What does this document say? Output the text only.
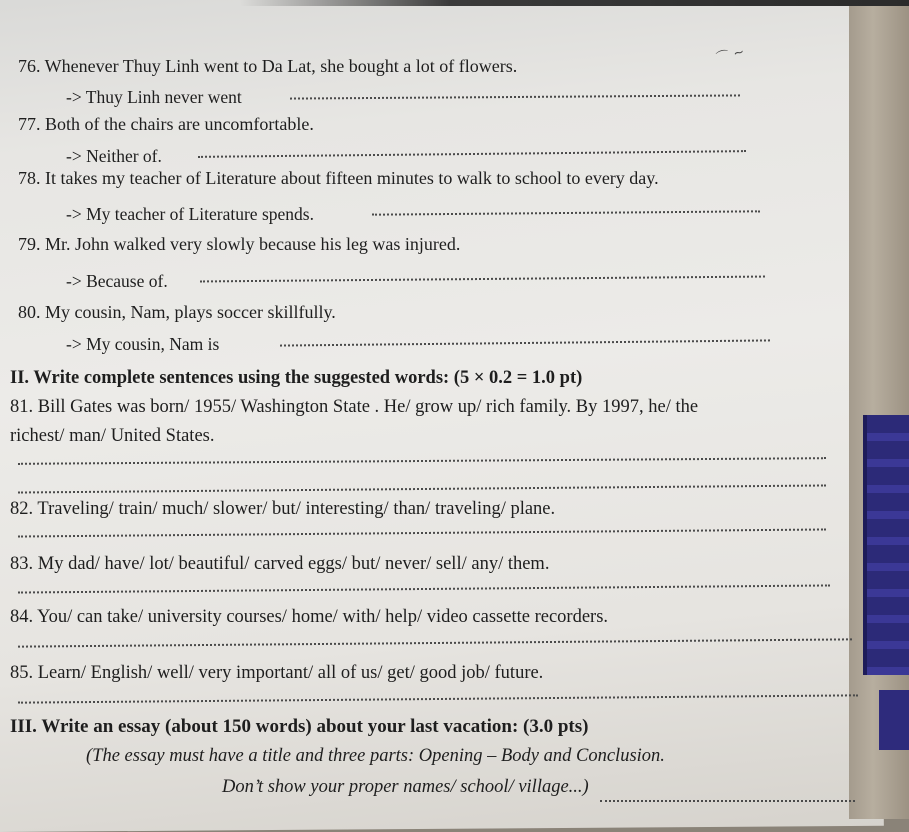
⌒ ~
76. Whenever Thuy Linh went to Da Lat, she bought a lot of flowers.
-> Thuy Linh never went
77. Both of the chairs are uncomfortable.
-> Neither of.
78. It takes my teacher of Literature about fifteen minutes to walk to school to every day.
-> My teacher of Literature spends.
79. Mr. John walked very slowly because his leg was injured.
-> Because of.
80. My cousin, Nam, plays soccer skillfully.
-> My cousin, Nam is
II. Write complete sentences using the suggested words: (5 × 0.2 = 1.0 pt)
81. Bill Gates was born/ 1955/ Washington State . He/ grow up/ rich family. By 1997, he/ the
richest/ man/ United States.
82. Traveling/ train/ much/ slower/ but/ interesting/ than/ traveling/ plane.
83. My dad/ have/ lot/ beautiful/ carved eggs/ but/ never/ sell/ any/ them.
84. You/ can take/ university courses/ home/ with/ help/ video cassette recorders.
85. Learn/ English/ well/ very important/ all of us/ get/ good job/ future.
III. Write an essay (about 150 words) about your last vacation: (3.0 pts)
(The essay must have a title and three parts: Opening – Body and Conclusion.
Don’t show your proper names/ school/ village...)
